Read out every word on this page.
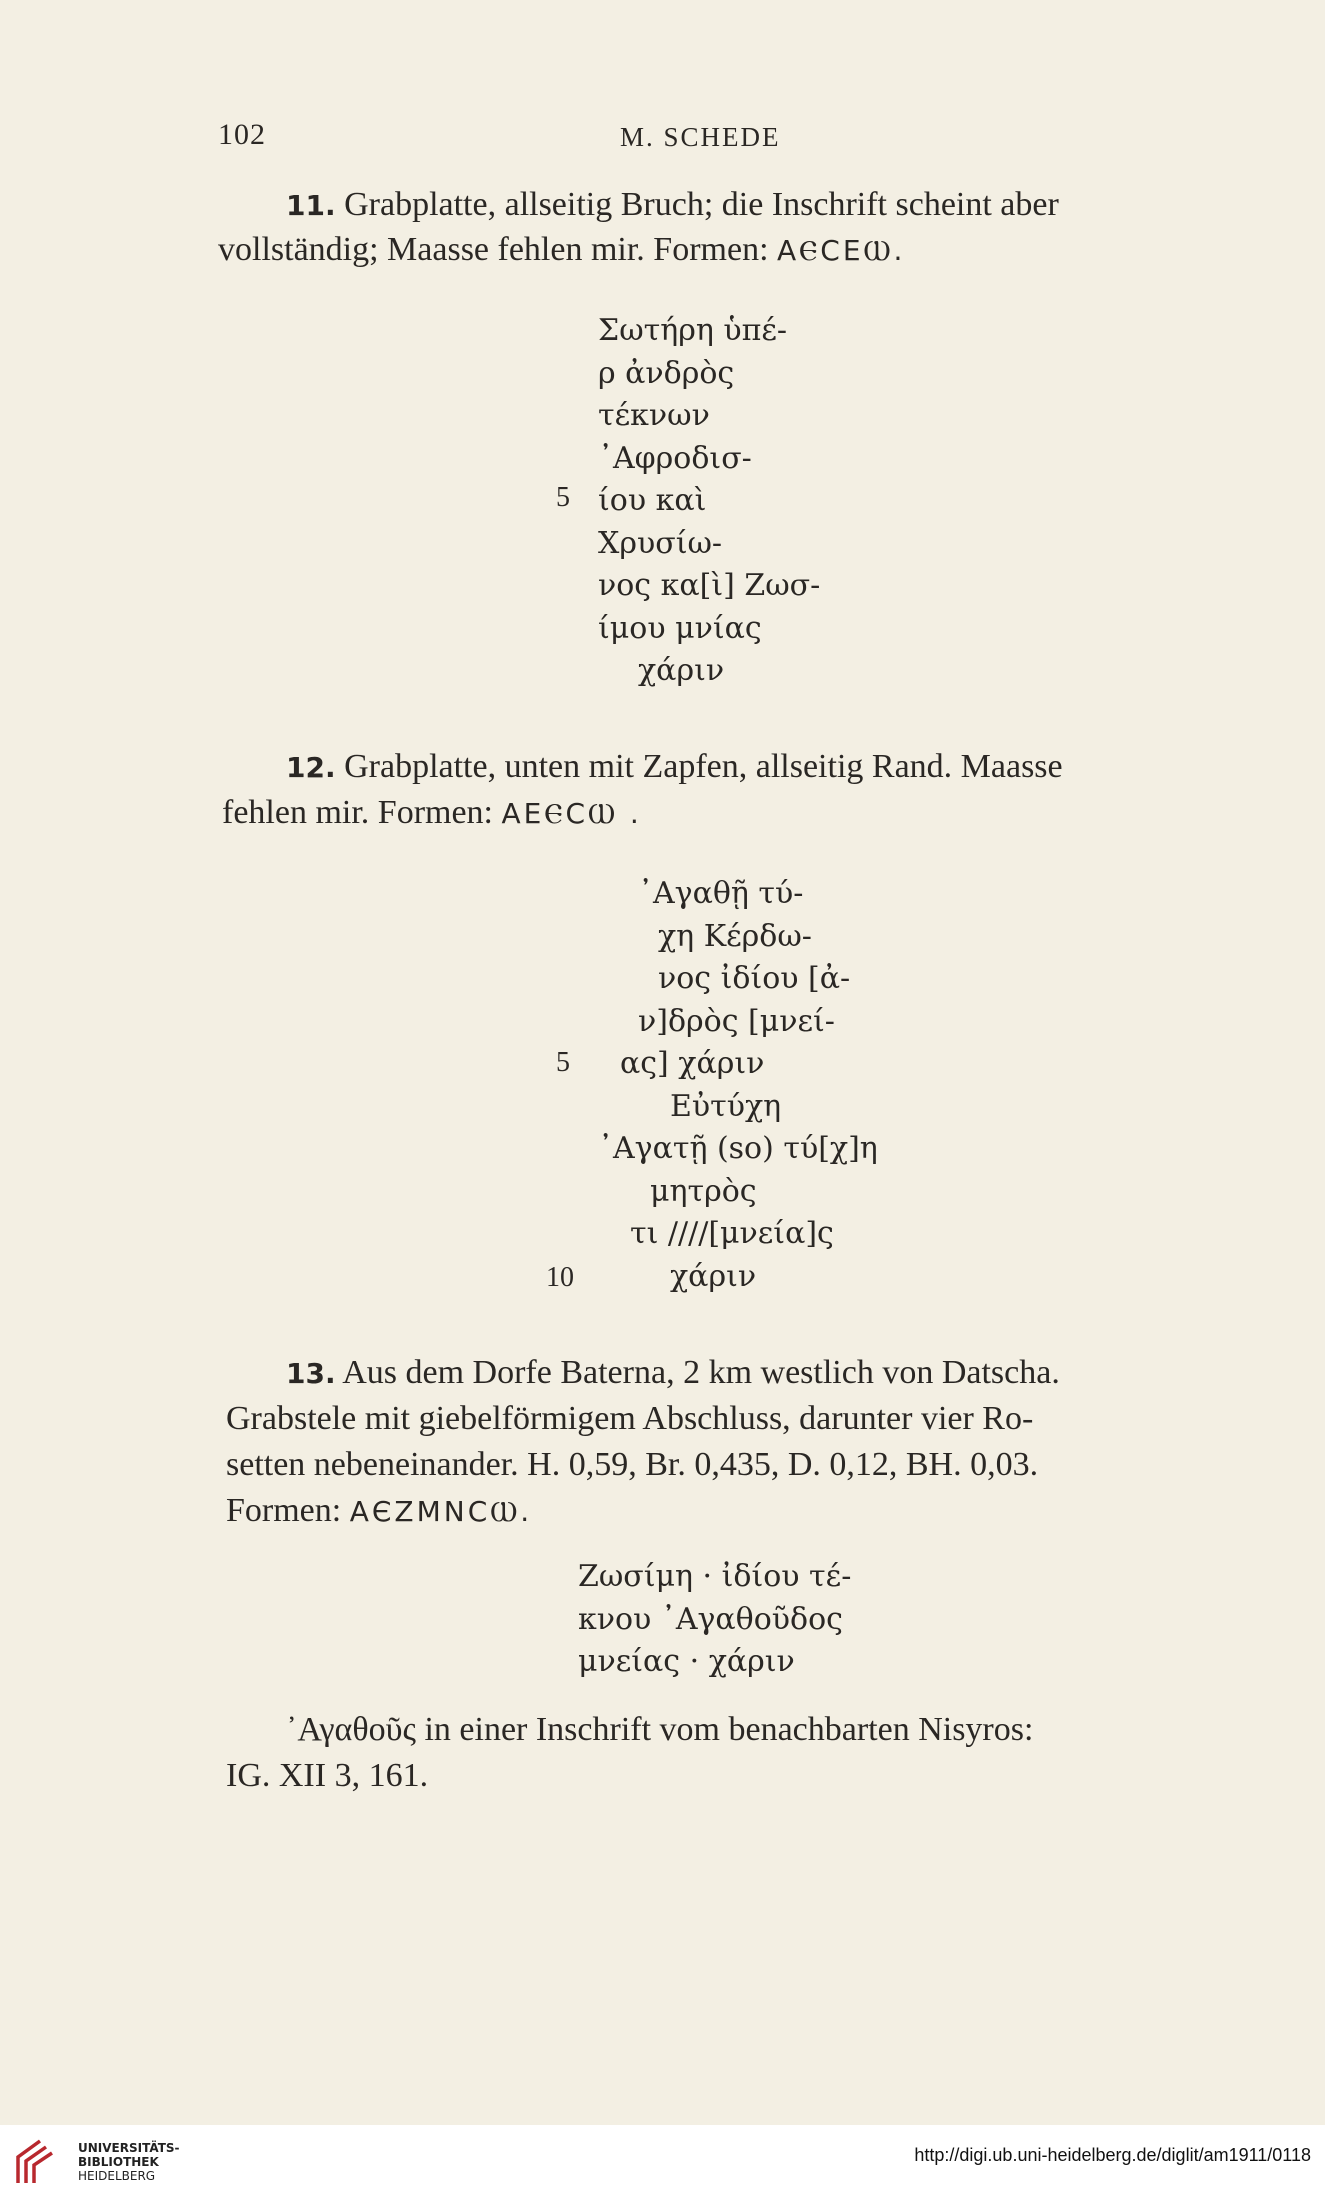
102	M. SCHEDE
11. Grabplatte, allseitig Bruch; die Inschrift scheint aber
vollständig; Maasse fehlen mir. Formen: AⲈCEⲰ.
Σωτήρη ὑπέ-
ρ ἀνδρὸς
τέκνων
᾿Αφροδισ-
ίου καὶ
Χρυσίω-
νος κα[ὶ] Ζωσ-
ίμου μνίας
χάριν
5
12. Grabplatte, unten mit Zapfen, allseitig Rand. Maasse
fehlen mir. Formen: ΑΕⲈCⲰ .
᾿Αγαθῇ τύ-
χη Κέρδω-
νος ἰδίου [ἀ-
ν]δρὸς [μνεί-
ας] χάριν
Εὐτύχη
᾿Αγατῇ (so) τύ[χ]η
μητρὸς
τι ////[μνεία]ς
χάριν
5
10
13. Aus dem Dorfe Baterna, 2 km westlich von Datscha.
Grabstele mit giebelförmigem Abschluss, darunter vier Ro-
setten nebeneinander. H. 0,59, Br. 0,435, D. 0,12, BH. 0,03.
Formen: ΑЄΖΜΝCⲰ.
Ζωσίμη · ἰδίου τέ-
κνου ᾿Αγαθοῦδος
μνείας · χάριν
᾿Αγαθοῦς in einer Inschrift vom benachbarten Nisyros:
IG. XII 3, 161.
UNIVERSITÄTS-
BIBLIOTHEK
HEIDELBERG
http://digi.ub.uni-heidelberg.de/diglit/am1911/0118
